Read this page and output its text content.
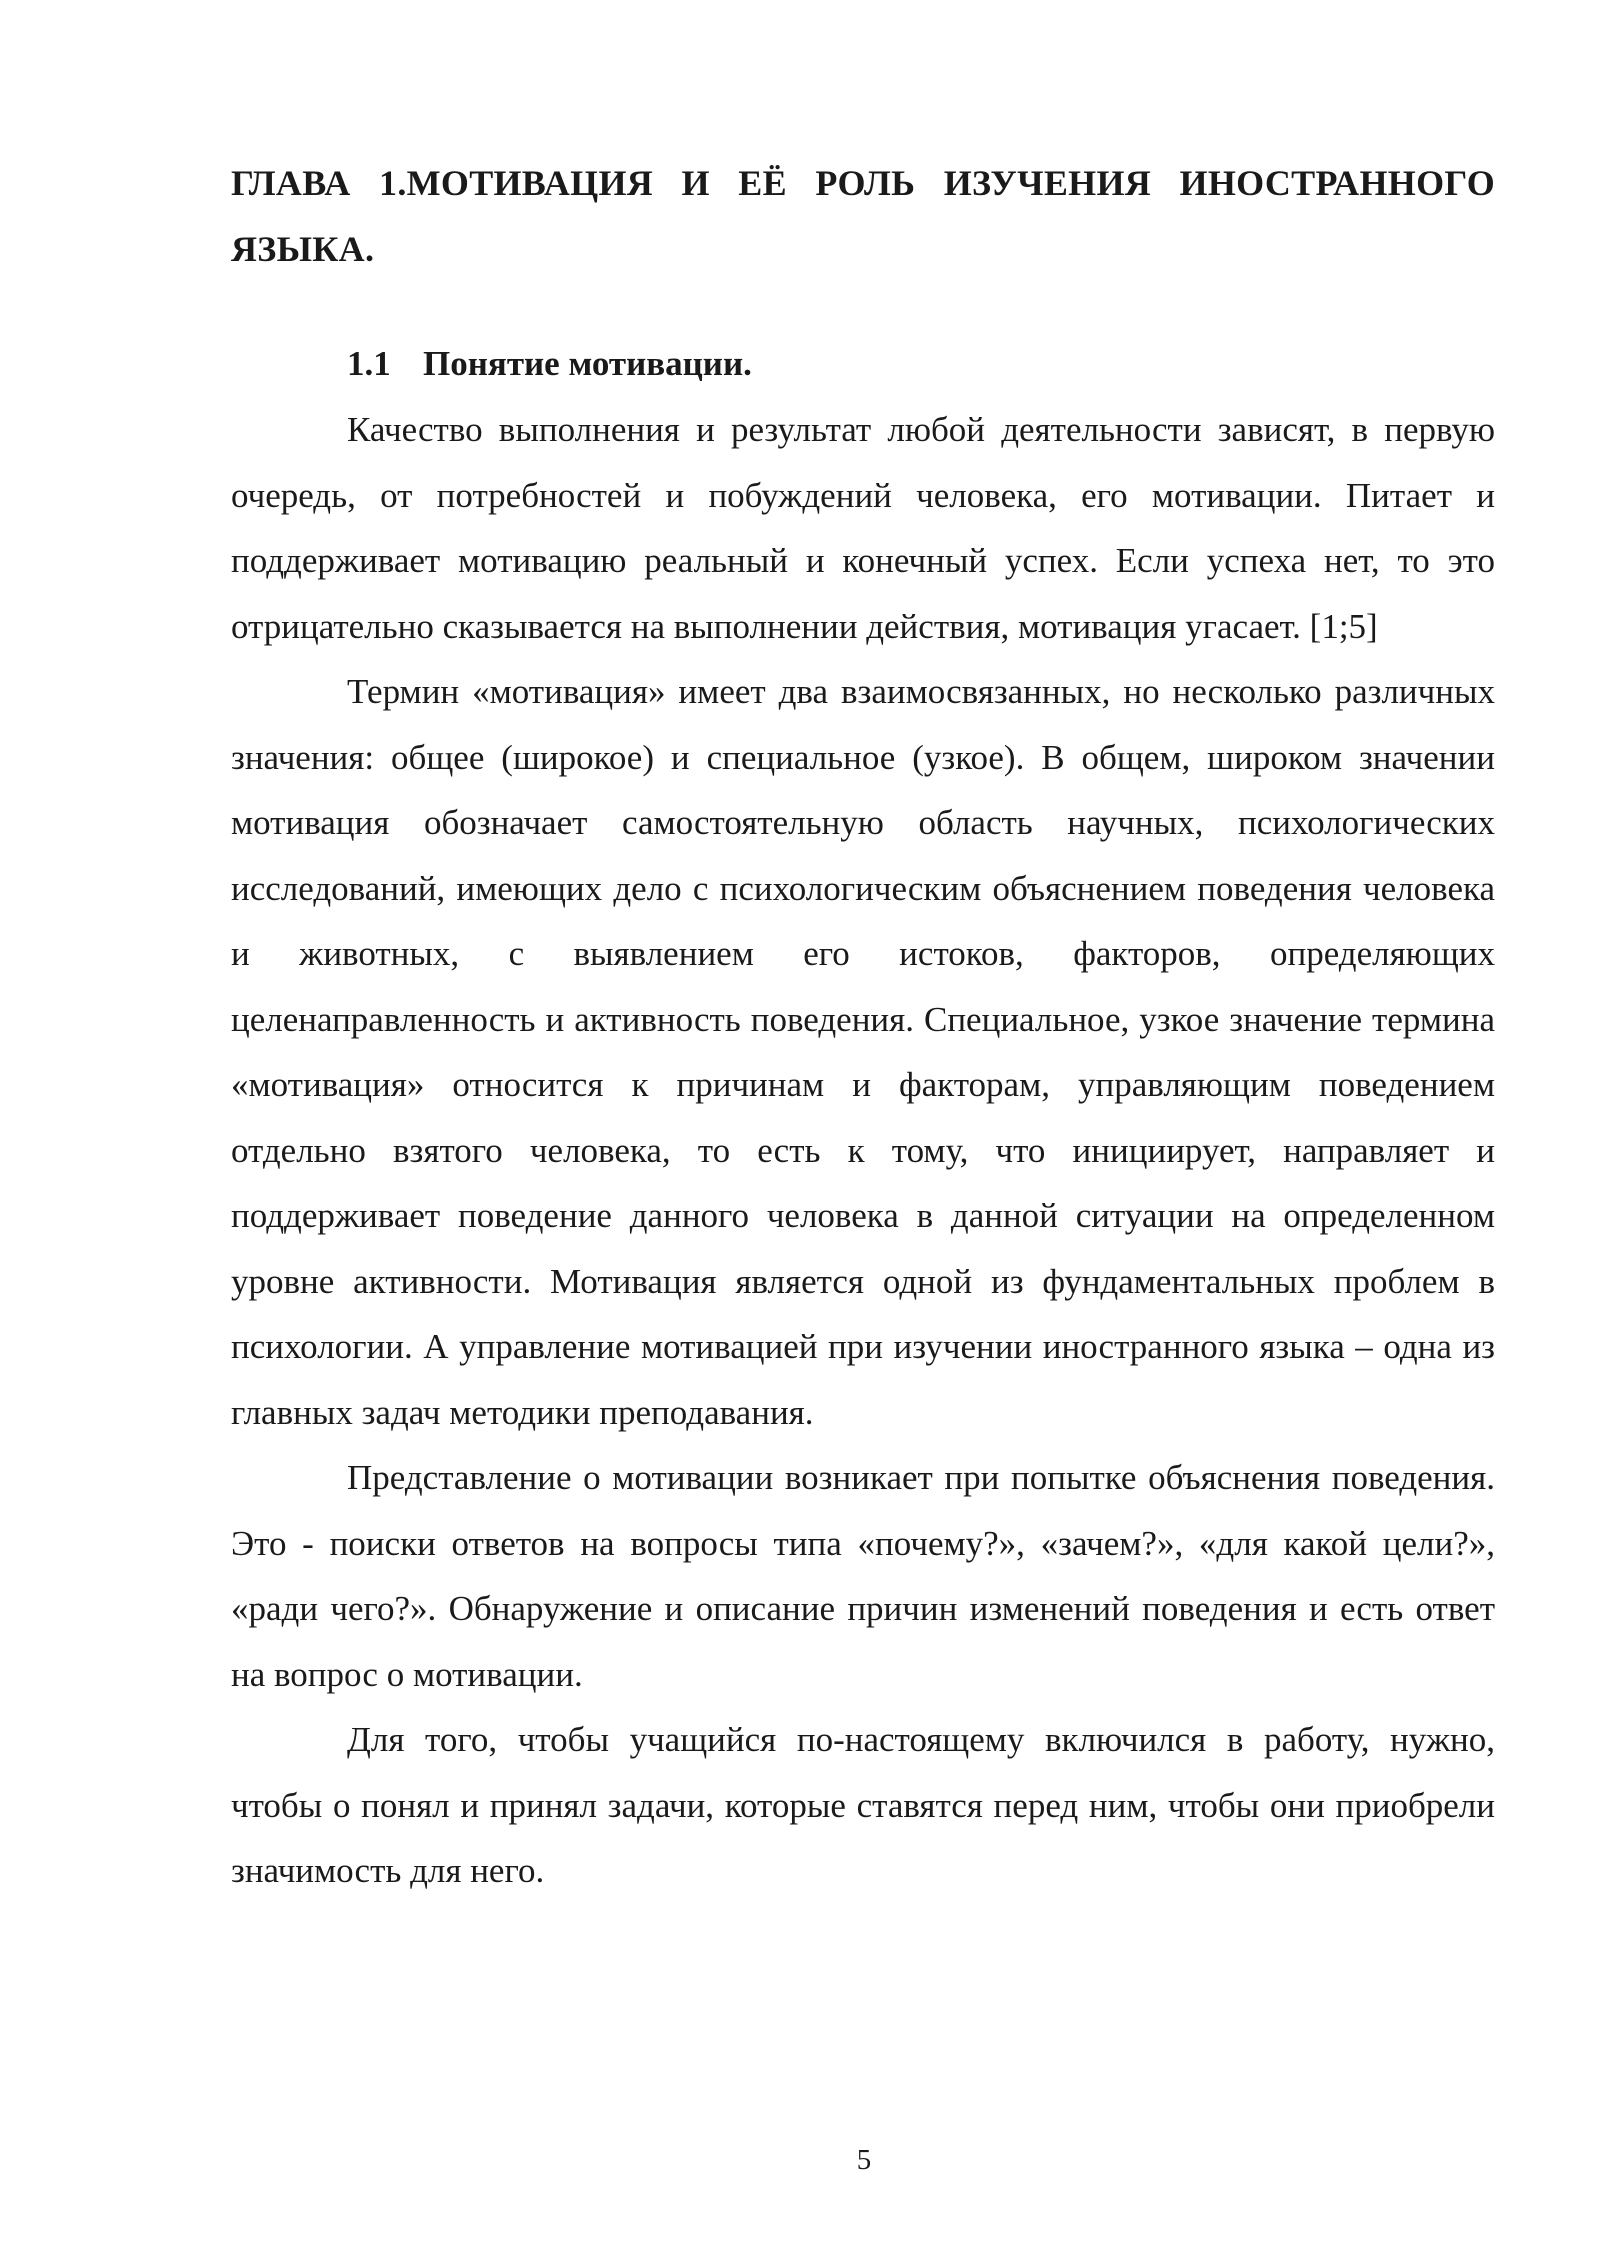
ГЛАВА 1.МОТИВАЦИЯ И ЕЁ РОЛЬ ИЗУЧЕНИЯ ИНОСТРАННОГО ЯЗЫКА.
1.1 Понятие мотивации.

Качество выполнения и результат любой деятельности зависят, в первую очередь, от потребностей и побуждений человека, его мотивации. Питает и поддерживает мотивацию реальный и конечный успех. Если успеха нет, то это отрицательно сказывается на выполнении действия, мотивация угасает. [1;5]

Термин «мотивация» имеет два взаимосвязанных, но несколько различных значения: общее (широкое) и специальное (узкое). В общем, широком значении мотивация обозначает самостоятельную область научных, психологических исследований, имеющих дело с психологическим объяснением поведения человека и животных, с выявлением его истоков, факторов, определяющих целенаправленность и активность поведения. Специальное, узкое значение термина «мотивация» относится к причинам и факторам, управляющим поведением отдельно взятого человека, то есть к тому, что инициирует, направляет и поддерживает поведение данного человека в данной ситуации на определенном уровне активности. Мотивация является одной из фундаментальных проблем в психологии. А управление мотивацией при изучении иностранного языка – одна из главных задач методики преподавания.

Представление о мотивации возникает при попытке объяснения поведения. Это - поиски ответов на вопросы типа «почему?», «зачем?», «для какой цели?», «ради чего?». Обнаружение и описание причин изменений поведения и есть ответ на вопрос о мотивации.

Для того, чтобы учащийся по-настоящему включился в работу, нужно, чтобы о понял и принял задачи, которые ставятся перед ним, чтобы они приобрели значимость для него.

5
